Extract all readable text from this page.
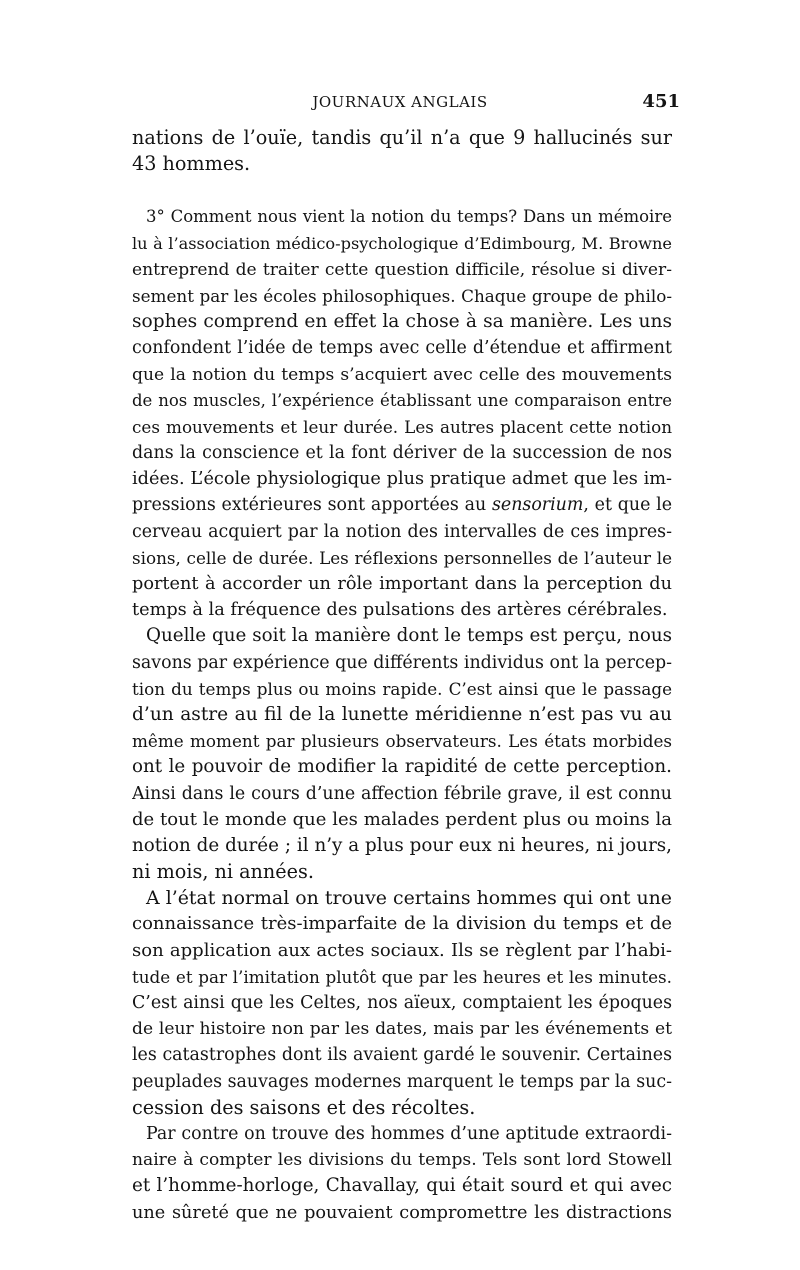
JOURNAUX ANGLAIS	451
nations de l’ouïe, tandis qu’il n’a que 9 hallucinés sur
43 hommes.
3° Comment nous vient la notion du temps? Dans un mémoire
lu à l’association médico-psychologique d’Edimbourg, M. Browne
entreprend de traiter cette question difficile, résolue si diver-
sement par les écoles philosophiques. Chaque groupe de philo-
sophes comprend en effet la chose à sa manière. Les uns
confondent l’idée de temps avec celle d’étendue et affirment
que la notion du temps s’acquiert avec celle des mouvements
de nos muscles, l’expérience établissant une comparaison entre
ces mouvements et leur durée. Les autres placent cette notion
dans la conscience et la font dériver de la succession de nos
idées. L’école physiologique plus pratique admet que les im-
pressions extérieures sont apportées au sensorium, et que le
cerveau acquiert par la notion des intervalles de ces impres-
sions, celle de durée. Les réflexions personnelles de l’auteur le
portent à accorder un rôle important dans la perception du
temps à la fréquence des pulsations des artères cérébrales.
Quelle que soit la manière dont le temps est perçu, nous
savons par expérience que différents individus ont la percep-
tion du temps plus ou moins rapide. C’est ainsi que le passage
d’un astre au fil de la lunette méridienne n’est pas vu au
même moment par plusieurs observateurs. Les états morbides
ont le pouvoir de modifier la rapidité de cette perception.
Ainsi dans le cours d’une affection fébrile grave, il est connu
de tout le monde que les malades perdent plus ou moins la
notion de durée ; il n’y a plus pour eux ni heures, ni jours,
ni mois, ni années.
A l’état normal on trouve certains hommes qui ont une
connaissance très-imparfaite de la division du temps et de
son application aux actes sociaux. Ils se règlent par l’habi-
tude et par l’imitation plutôt que par les heures et les minutes.
C’est ainsi que les Celtes, nos aïeux, comptaient les époques
de leur histoire non par les dates, mais par les événements et
les catastrophes dont ils avaient gardé le souvenir. Certaines
peuplades sauvages modernes marquent le temps par la suc-
cession des saisons et des récoltes.
Par contre on trouve des hommes d’une aptitude extraordi-
naire à compter les divisions du temps. Tels sont lord Stowell
et l’homme-horloge, Chavallay, qui était sourd et qui avec
une sûreté que ne pouvaient compromettre les distractions
